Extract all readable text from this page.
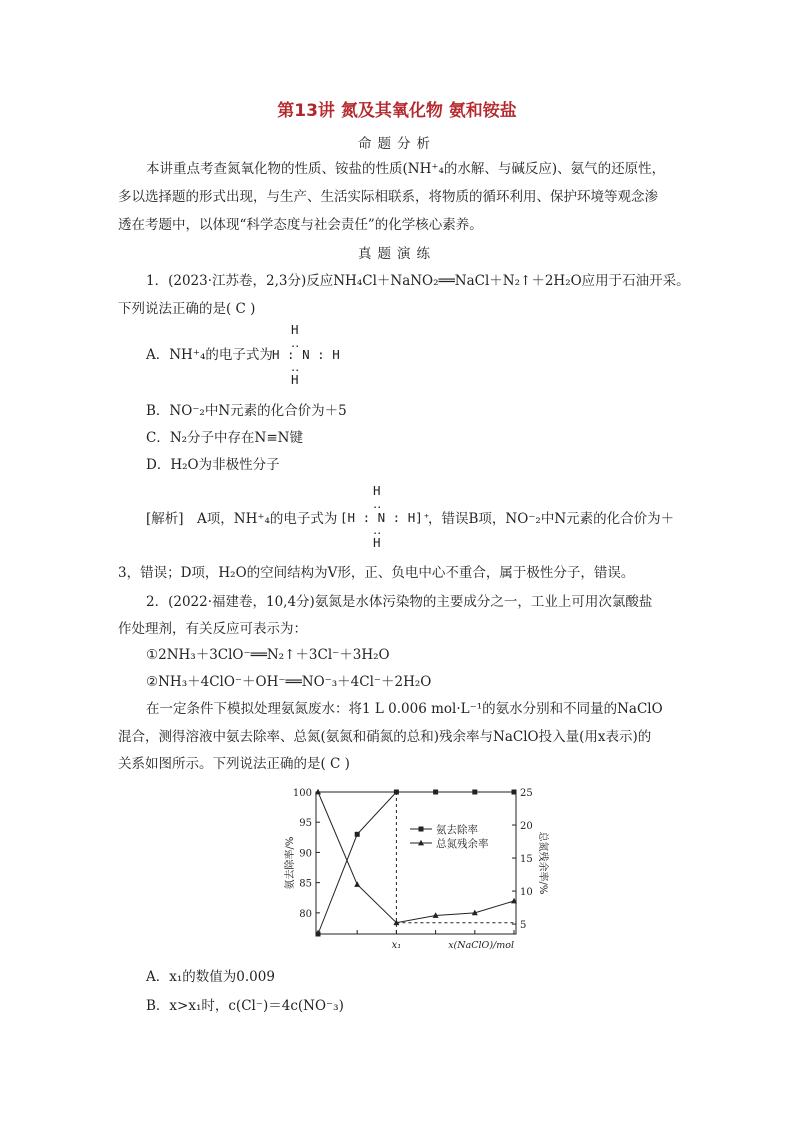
第13讲 氮及其氧化物 氨和铵盐
命题分析
本讲重点考查氮氧化物的性质、铵盐的性质(NH⁺₄的水解、与碱反应)、氨气的还原性，
多以选择题的形式出现，与生产、生活实际相联系，将物质的循环利用、保护环境等观念渗
透在考题中，以体现“科学态度与社会责任”的化学核心素养。
真题演练
1．(2023·江苏卷，2,3分)反应NH₄Cl＋NaNO₂══NaCl＋N₂↑＋2H₂O应用于石油开采。
下列说法正确的是( C )
H
‥
A．NH⁺₄的电子式为 H : N : H
‥
H
B．NO⁻₂中N元素的化合价为＋5
C．N₂分子中存在N≡N键
D．H₂O为非极性分子
H
‥
[解析]　A项，NH⁺₄的电子式为 [H : N : H]⁺
，错误B项，NO⁻₂中N元素的化合价为＋
‥
H
3，错误；D项，H₂O的空间结构为V形，正、负电中心不重合，属于极性分子，错误。
2．(2022·福建卷，10,4分)氨氮是水体污染物的主要成分之一，工业上可用次氯酸盐
作处理剂，有关反应可表示为：
①2NH₃＋3ClO⁻══N₂↑＋3Cl⁻＋3H₂O
②NH₃＋4ClO⁻＋OH⁻══NO⁻₃＋4Cl⁻＋2H₂O
在一定条件下模拟处理氨氮废水：将1 L 0.006 mol·L⁻¹的氨水分别和不同量的NaClO
混合，测得溶液中氨去除率、总氮(氨氮和硝氮的总和)残余率与NaClO投入量(用x表示)的
关系如图所示。下列说法正确的是( C )
100
95
90
85
80
25
20
15
10
5
氨去除率/%	总氮残余率/%
x(NaClO)/mol
x₁
氨去除率
总氮残余率
A．x₁的数值为0.009
B．x>x₁时，c(Cl⁻)＝4c(NO⁻₃)
